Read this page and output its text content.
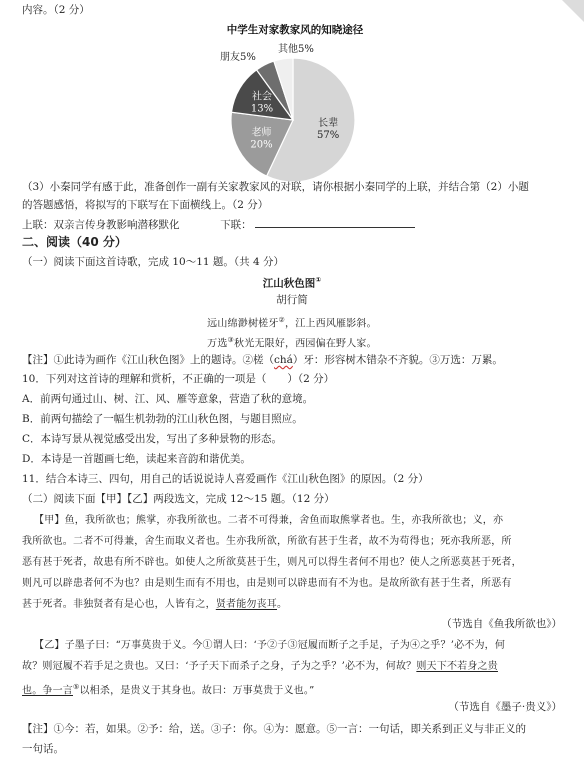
内容。（2 分）
中学生对家教家风的知晓途径
长辈
57%
老师
20%
社会
13%
朋友5%
其他5%
（3）小秦同学有感于此，准备创作一副有关家教家风的对联，请你根据小秦同学的上联，并结合第（2）小题
的答题感悟，将拟写的下联写在下面横线上。（2 分）
上联：双亲言传身教影响潜移默化	下联：
二、阅读（40 分）
（一）阅读下面这首诗歌，完成 10～11 题。（共 4 分）
江山秋色图①
胡行简
远山绵渺树槎牙②，江上西风雁影斜。
万选③秋光无限好，西园偏在野人家。
【注】①此诗为画作《江山秋色图》上的题诗。②槎（chá）牙：形容树木错杂不齐貌。③万选：万累。
10．下列对这首诗的理解和赏析，不正确的一项是（　　）（2 分）
A．前两句通过山、树、江、风、雁等意象，营造了秋的意境。
B．前两句描绘了一幅生机勃勃的江山秋色图，与题目照应。
C．本诗写景从视觉感受出发，写出了多种景物的形态。
D．本诗是一首题画七绝，读起来音韵和谐优美。
11．结合本诗三、四句，用自己的话说说诗人喜爱画作《江山秋色图》的原因。（2 分）
（二）阅读下面【甲】【乙】两段选文，完成 12～15 题。（12 分）
【甲】鱼，我所欲也；熊掌，亦我所欲也。二者不可得兼，舍鱼而取熊掌者也。生，亦我所欲也；义，亦
我所欲也。二者不可得兼，舍生而取义者也。生亦我所欲，所欲有甚于生者，故不为苟得也；死亦我所恶，所
恶有甚于死者，故患有所不辟也。如使人之所欲莫甚于生，则凡可以得生者何不用也？使人之所恶莫甚于死者，
则凡可以辟患者何不为也？由是则生而有不用也，由是则可以辟患而有不为也。是故所欲有甚于生者，所恶有
甚于死者。非独贤者有是心也，人皆有之，贤者能勿丧耳。
（节选自《鱼我所欲也》）
【乙】子墨子曰：“万事莫贵于义。今①谓人曰：‘予②子③冠履而断子之手足，子为④之乎？’必不为，何
故？则冠履不若手足之贵也。又曰：‘予子天下而杀子之身，子为之乎？’必不为，何故？则天下不若身之贵
也。争一言⑤以相杀，是贵义于其身也。故曰：万事莫贵于义也。”
（节选自《墨子·贵义》）
【注】①今：若，如果。②予：给，送。③子：你。④为：愿意。⑤一言：一句话，即关系到正义与非正义的
一句话。
